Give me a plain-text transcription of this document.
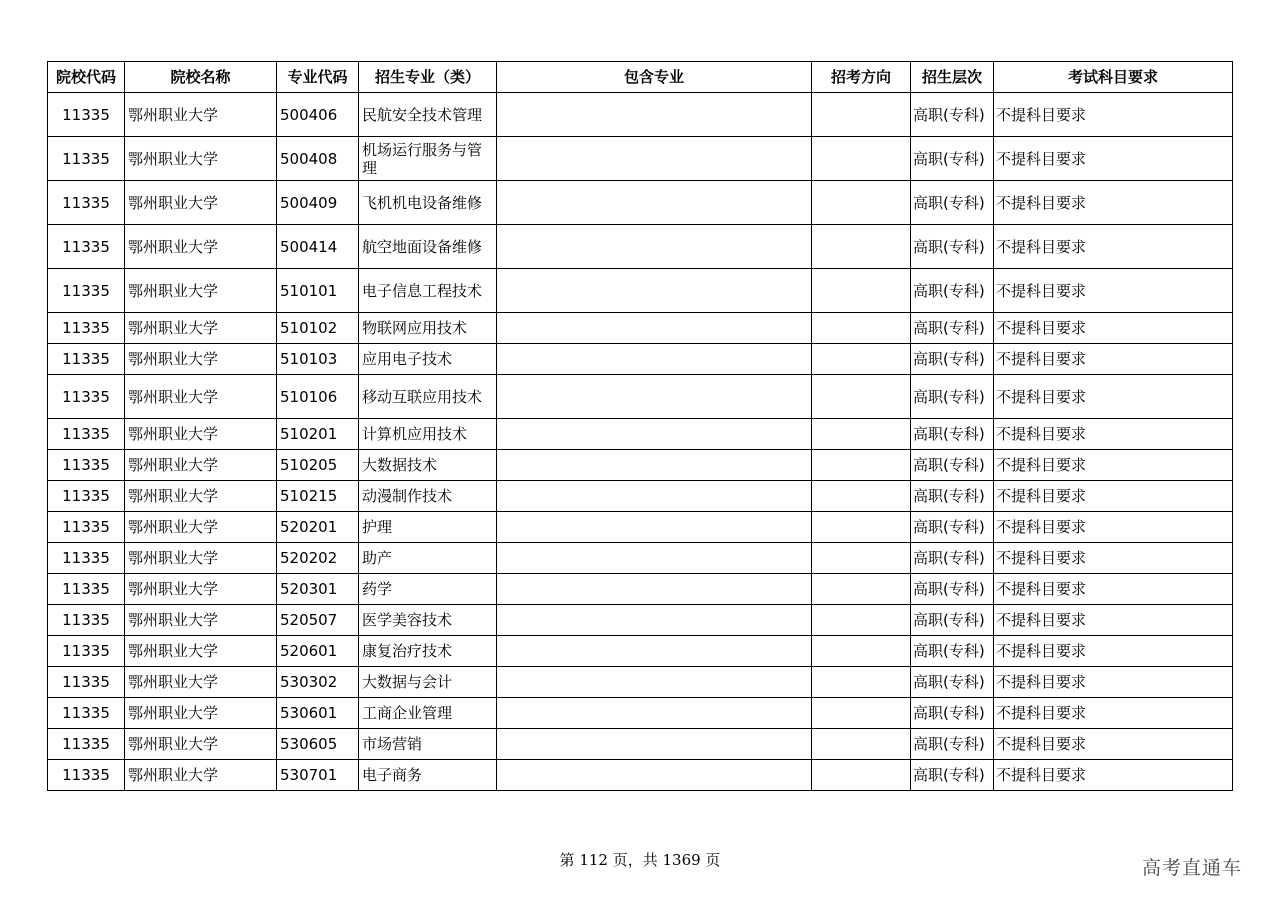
院校代码	院校名称	专业代码	招生专业（类）	包含专业	招考方向	招生层次	考试科目要求
11335	鄂州职业大学	500406	民航安全技术管理			高职(专科)	不提科目要求
11335	鄂州职业大学	500408	机场运行服务与管理			高职(专科)	不提科目要求
11335	鄂州职业大学	500409	飞机机电设备维修			高职(专科)	不提科目要求
11335	鄂州职业大学	500414	航空地面设备维修			高职(专科)	不提科目要求
11335	鄂州职业大学	510101	电子信息工程技术			高职(专科)	不提科目要求
11335	鄂州职业大学	510102	物联网应用技术			高职(专科)	不提科目要求
11335	鄂州职业大学	510103	应用电子技术			高职(专科)	不提科目要求
11335	鄂州职业大学	510106	移动互联应用技术			高职(专科)	不提科目要求
11335	鄂州职业大学	510201	计算机应用技术			高职(专科)	不提科目要求
11335	鄂州职业大学	510205	大数据技术			高职(专科)	不提科目要求
11335	鄂州职业大学	510215	动漫制作技术			高职(专科)	不提科目要求
11335	鄂州职业大学	520201	护理			高职(专科)	不提科目要求
11335	鄂州职业大学	520202	助产			高职(专科)	不提科目要求
11335	鄂州职业大学	520301	药学			高职(专科)	不提科目要求
11335	鄂州职业大学	520507	医学美容技术			高职(专科)	不提科目要求
11335	鄂州职业大学	520601	康复治疗技术			高职(专科)	不提科目要求
11335	鄂州职业大学	530302	大数据与会计			高职(专科)	不提科目要求
11335	鄂州职业大学	530601	工商企业管理			高职(专科)	不提科目要求
11335	鄂州职业大学	530605	市场营销			高职(专科)	不提科目要求
11335	鄂州职业大学	530701	电子商务			高职(专科)	不提科目要求
第 112 页，共 1369 页	高考直通车
